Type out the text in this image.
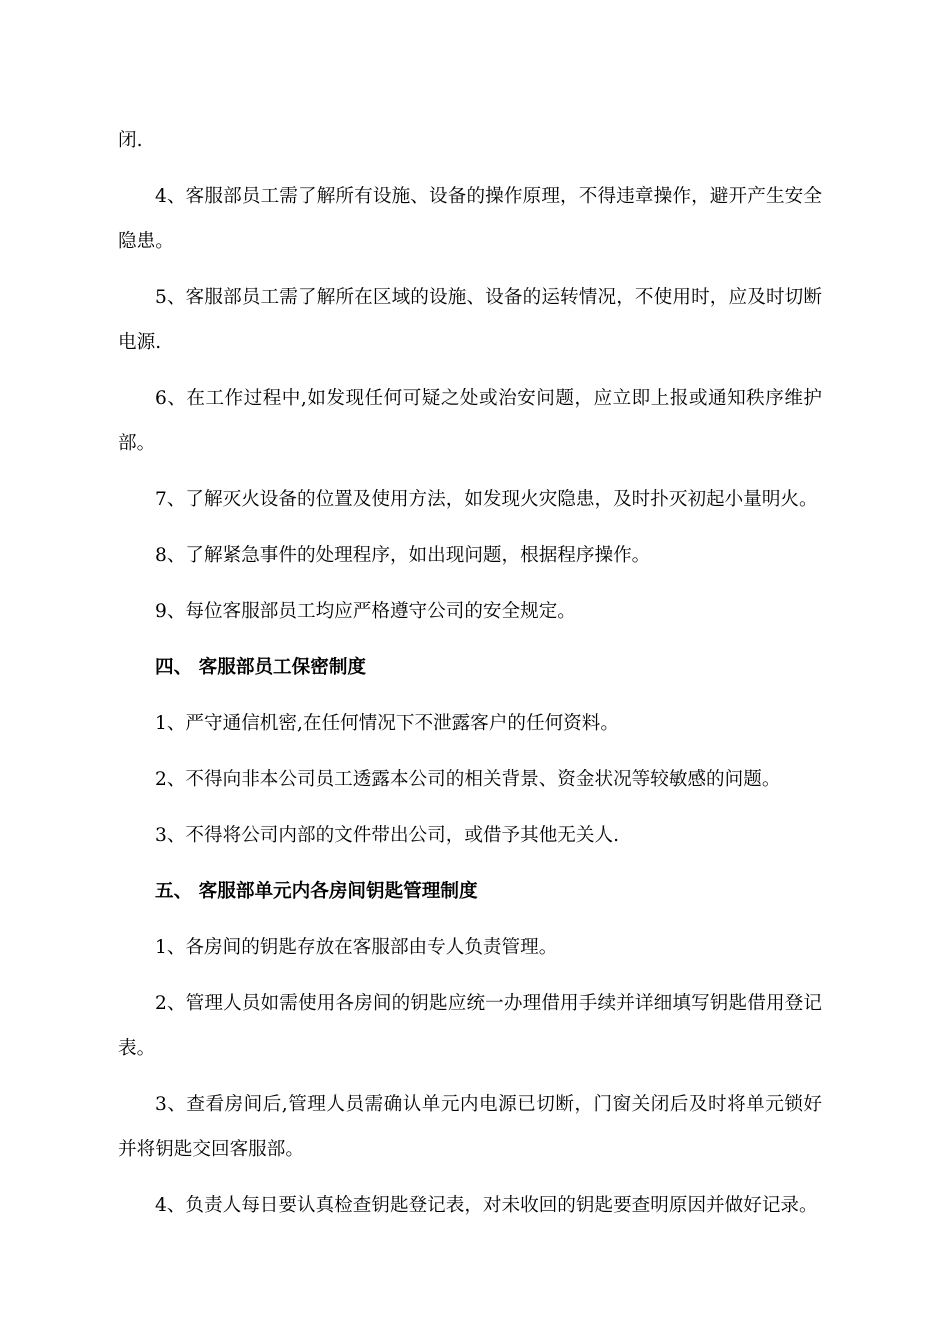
闭.

4、客服部员工需了解所有设施、设备的操作原理，不得违章操作，避开产生安全隐患。

5、客服部员工需了解所在区域的设施、设备的运转情况，不使用时，应及时切断电源.

6、在工作过程中,如发现任何可疑之处或治安问题，应立即上报或通知秩序维护部。

7、了解灭火设备的位置及使用方法，如发现火灾隐患，及时扑灭初起小量明火。

8、了解紧急事件的处理程序，如出现问题，根据程序操作。

9、每位客服部员工均应严格遵守公司的安全规定。

四、 客服部员工保密制度

1、严守通信机密,在任何情况下不泄露客户的任何资料。

2、不得向非本公司员工透露本公司的相关背景、资金状况等较敏感的问题。

3、不得将公司内部的文件带出公司，或借予其他无关人.

五、 客服部单元内各房间钥匙管理制度

1、各房间的钥匙存放在客服部由专人负责管理。

2、管理人员如需使用各房间的钥匙应统一办理借用手续并详细填写钥匙借用登记表。

3、查看房间后,管理人员需确认单元内电源已切断，门窗关闭后及时将单元锁好并将钥匙交回客服部。

4、负责人每日要认真检查钥匙登记表，对未收回的钥匙要查明原因并做好记录。
